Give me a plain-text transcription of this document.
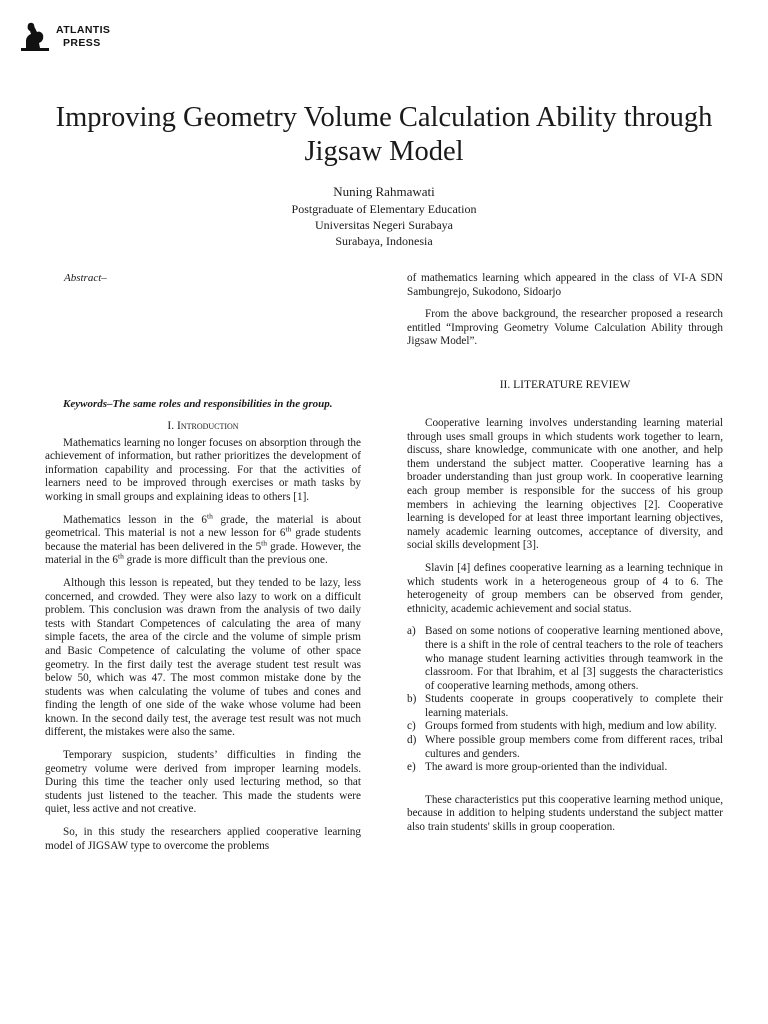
ATLANTIS
PRESS
Improving Geometry Volume Calculation Ability through Jigsaw Model
Nuning Rahmawati
Postgraduate of Elementary Education
Universitas Negeri Surabaya
Surabaya, Indonesia
Abstract–
Keywords–The same roles and responsibilities in the group.
I. Introduction

Mathematics learning no longer focuses on absorption through the achievement of information, but rather prioritizes the development of information capability and processing. For that the activities of learners need to be improved through exercises or math tasks by working in small groups and explaining ideas to others [1].

Mathematics lesson in the 6th grade, the material is about geometrical. This material is not a new lesson for 6th grade students because the material has been delivered in the 5th grade. However, the material in the 6th grade is more difficult than the previous one.

Although this lesson is repeated, but they tended to be lazy, less concerned, and crowded. They were also lazy to work on a difficult problem. This conclusion was drawn from the analysis of two daily tests with Standart Competences of calculating the area of many simple facets, the area of the circle and the volume of simple prism and Basic Competence of calculating the volume of other space geometry. In the first daily test the average student test result was below 50, which was 47. The most common mistake done by the students was when calculating the volume of tubes and cones and finding the length of one side of the wake whose volume had been known. In the second daily test, the average test result was not much different, the mistakes were also the same.

Temporary suspicion, students’ difficulties in finding the geometry volume were derived from improper learning models. During this time the teacher only used lecturing method, so that students just listened to the teacher. This made the students were quiet, less active and not creative.

So, in this study the researchers applied cooperative learning model of JIGSAW type to overcome the problems

of mathematics learning which appeared in the class of VI-A SDN Sambungrejo, Sukodono, Sidoarjo

From the above background, the researcher proposed a research entitled “Improving Geometry Volume Calculation Ability through Jigsaw Model”.

II. LITERATURE REVIEW

Cooperative learning involves understanding learning material through uses small groups in which students work together to learn, discuss, share knowledge, communicate with one another, and help them understand the subject matter. Cooperative learning has a broader understanding than just group work. In cooperative learning each group member is responsible for the success of his group members in achieving the learning objectives [2]. Cooperative learning is developed for at least three important learning objectives, namely academic learning outcomes, acceptance of diversity, and social skills development [3].

Slavin [4] defines cooperative learning as a learning technique in which students work in a heterogeneous group of 4 to 6. The heterogeneity of group members can be observed from gender, ethnicity, academic achievement and social status.

a) Based on some notions of cooperative learning mentioned above, there is a shift in the role of central teachers to the role of teachers who manage student learning activities through teamwork in the classroom. For that Ibrahim, et al [3] suggests the characteristics of cooperative learning methods, among others.
b) Students cooperate in groups cooperatively to complete their learning materials.
c) Groups formed from students with high, medium and low ability.
d) Where possible group members come from different races, tribal cultures and genders.
e) The award is more group-oriented than the individual.

These characteristics put this cooperative learning method unique, because in addition to helping students understand the subject matter also train students' skills in group cooperation.
